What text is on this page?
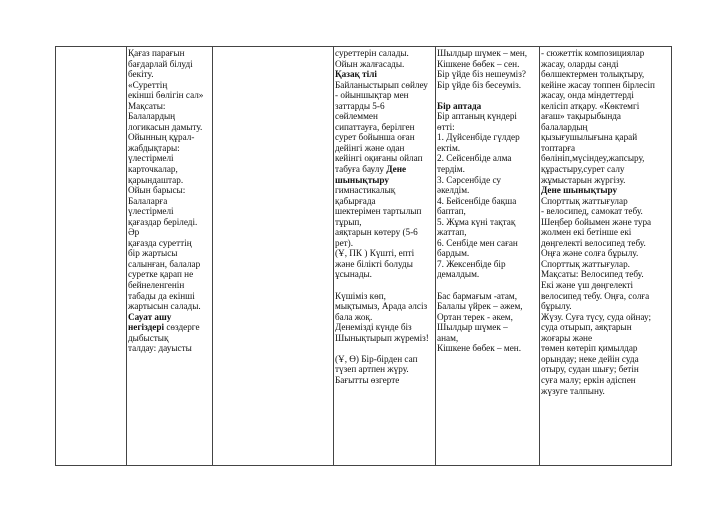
Қағаз парағын
бағдарлай білуді
бекіту.
«Суреттің
екінші бөлігін сал»
Мақсаты:
Балалардың
логикасын дамыту.
Ойынның құрал-
жабдықтары:
үлестірмелі
карточкалар,
қарындаштар.
Ойын барысы:
Балаларға
үлестірмелі
қағаздар беріледі.
Әр
қағазда суреттің
бір жартысы
салынған, балалар
суретке қарап не
бейнеленгенін
табады да екінші
жартысын салады.
Сауат ашу
негіздері сөздерге
дыбыстық
талдау: дауысты
суреттерін салады.
Ойын жалғасады.
Қазақ тілі
Байланыстырып сөйлеу
- ойыншықтар мен
заттарды 5-6
сөйлеммен
сипаттауға, берілген
сурет бойынша оған
дейінгі және одан
кейінгі оқиғаны ойлап
табуға баулу Дене
шынықтыру
гимнастикалық
қабырғада
шектерімен тартылып
тұрып,
аяқтарын көтеру (5-6
рет).
(Ұ, ПК ) Күшті, епті
және білікті болуды
ұсынады.
Күшіміз көп,
мықтымыз, Арада әлсіз
бала жоқ.
Денеміздi күнде біз
Шынықтырып жүреміз!
(Ұ, Ө) Бір-бірден сап
түзеп артпен жүру.
Бағытты өзгерте
Шылдыр шүмек – мен,
Кішкене бөбек – сен.
Бір үйде біз нешеуміз?
Бір үйде біз бесеуміз.
Бір аптада
Бір аптаның күндері
өтті:
1. Дүйсенбіде гүлдер
ектім.
2. Сейсенбіде алма
тердім.
3. Сәрсенбіде су
әкелдім.
4. Бейсенбіде бақша
баптап,
5. Жұма күні тақтақ
жаттап,
6. Сенбіде мен саған
бардым.
7. Жексенбіде бір
демалдым.
Бас бармағым -атам,
Балалы үйрек – әжем,
Ортан терек - әкем,
Шылдыр шүмек –
анам,
Кішкене бөбек – мен.
- сюжеттік композициялар
жасау, оларды сәнді
бөлшектермен толықтыру,
кейіне жасау топпен бірлесіп
жасау, онда міндеттерді
келісіп атқару. «Көктемгі
ағаш» тақырыбында
балалардың
қызығушылығына қарай
топтарға
бөлініп,мүсіндеу,жапсыру,
құрастыру,сурет салу
жұмыстарын жүргізу.
Дене шынықтыру
Спорттық жаттығулар
- велосипед, самокат тебу.
Шеңбер бойымен және тура
жолмен екі бетінше екі
дөңгелекті велосипед тебу.
Оңға және солға бұрылу.
Спорттық жаттығулар.
Мақсаты: Велосипед тебу.
Екі және үш дөңгелекті
велосипед тебу. Оңға, солға
бұрылу.
Жүзу. Суға түсу, суда ойнау;
суда отырып, аяқтарын
жоғары және
төмен көтеріп қимылдар
орындау; неке дейін суда
отыру, судан шығу; бетін
суға малу; еркін әдіспен
жүзуге талпыну.
